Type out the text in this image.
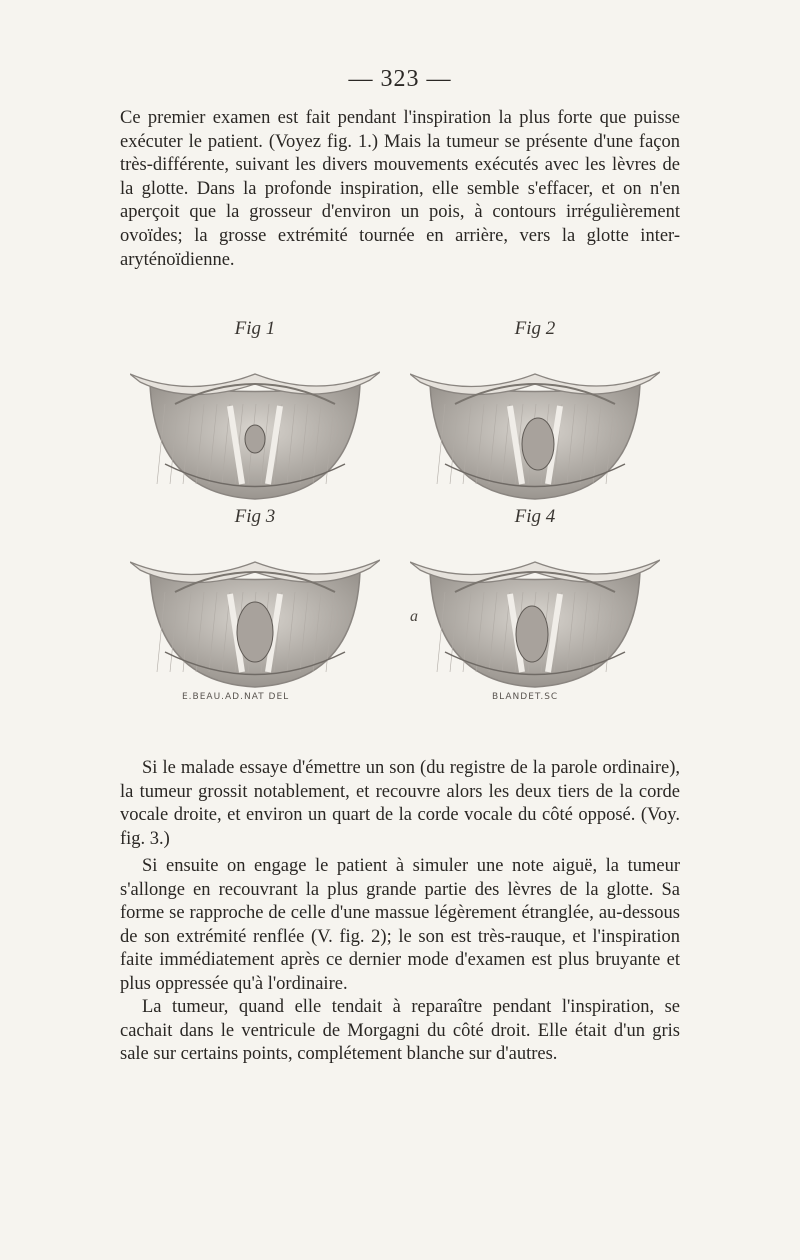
— 323 —

Ce premier examen est fait pendant l'inspiration la plus forte que puisse exécuter le patient. (Voyez fig. 1.) Mais la tumeur se présente d'une façon très-différente, suivant les divers mouvements exécutés avec les lèvres de la glotte. Dans la profonde inspiration, elle semble s'effacer, et on n'en aperçoit que la grosseur d'environ un pois, à contours irrégulièrement ovoïdes; la grosse extrémité tournée en arrière, vers la glotte inter-aryténoïdienne.

Fig 1	Fig 2
Fig 3	Fig 4
a
E.BEAU.AD.NAT DEL	BLANDET.SC

Si le malade essaye d'émettre un son (du registre de la parole ordinaire), la tumeur grossit notablement, et recouvre alors les deux tiers de la corde vocale droite, et environ un quart de la corde vocale du côté opposé. (Voy. fig. 3.)

Si ensuite on engage le patient à simuler une note aiguë, la tumeur s'allonge en recouvrant la plus grande partie des lèvres de la glotte. Sa forme se rapproche de celle d'une massue légèrement étranglée, au-dessous de son extrémité renflée (V. fig. 2); le son est très-rauque, et l'inspiration faite immédiatement après ce dernier mode d'examen est plus bruyante et plus oppressée qu'à l'ordinaire.

La tumeur, quand elle tendait à reparaître pendant l'inspiration, se cachait dans le ventricule de Morgagni du côté droit. Elle était d'un gris sale sur certains points, complétement blanche sur d'autres.
